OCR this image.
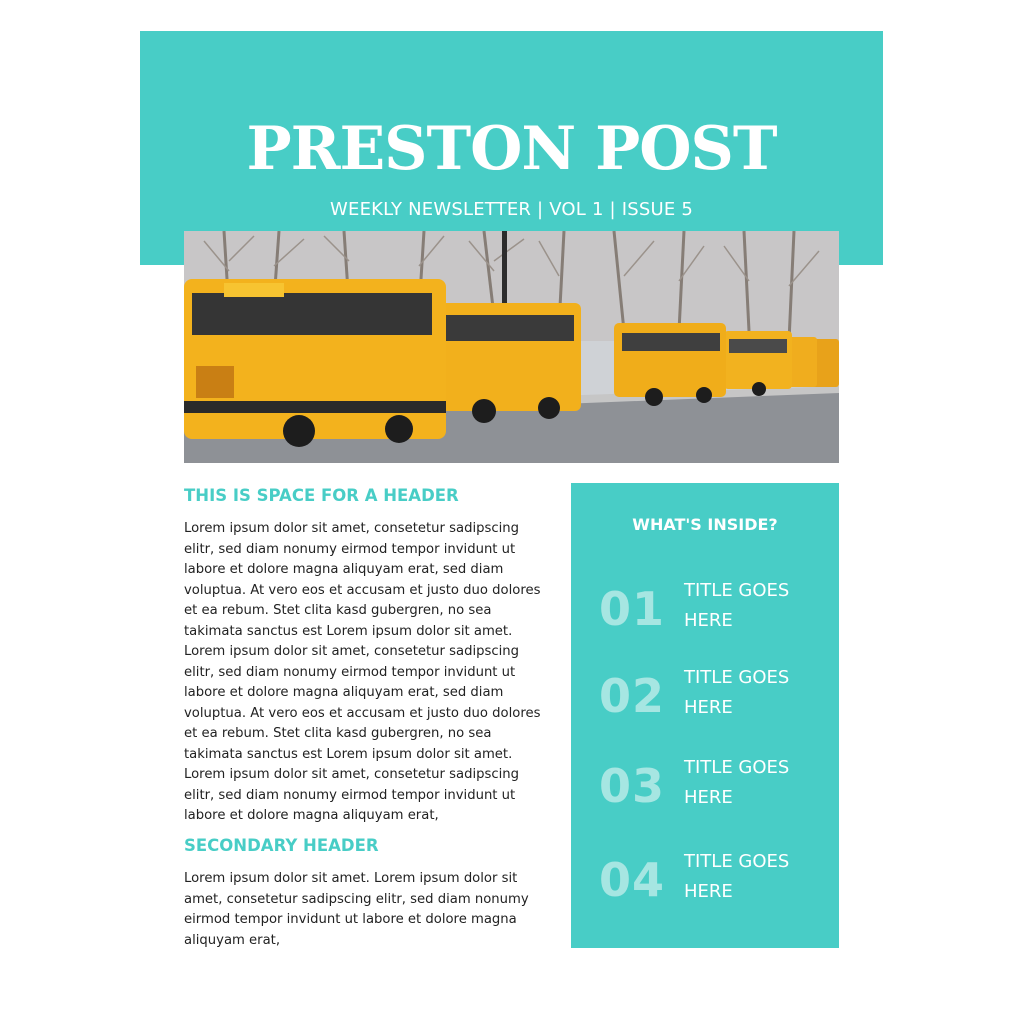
PRESTON POST
WEEKLY NEWSLETTER | VOL 1 | ISSUE 5
THIS IS SPACE FOR A HEADER

Lorem ipsum dolor sit amet, consetetur sadipscing elitr, sed diam nonumy eirmod tempor invidunt ut labore et dolore magna aliquyam erat, sed diam voluptua. At vero eos et accusam et justo duo dolores et ea rebum. Stet clita kasd gubergren, no sea takimata sanctus est Lorem ipsum dolor sit amet. Lorem ipsum dolor sit amet, consetetur sadipscing elitr, sed diam nonumy eirmod tempor invidunt ut labore et dolore magna aliquyam erat, sed diam voluptua. At vero eos et accusam et justo duo dolores et ea rebum. Stet clita kasd gubergren, no sea takimata sanctus est Lorem ipsum dolor sit amet. Lorem ipsum dolor sit amet, consetetur sadipscing elitr, sed diam nonumy eirmod tempor invidunt ut labore et dolore magna aliquyam erat,

SECONDARY HEADER

Lorem ipsum dolor sit amet. Lorem ipsum dolor sit amet, consetetur sadipscing elitr, sed diam nonumy eirmod tempor invidunt ut labore et dolore magna aliquyam erat,

WHAT'S INSIDE?
01 TITLE GOES
HERE
02 TITLE GOES
HERE
03 TITLE GOES
HERE
04 TITLE GOES
HERE
